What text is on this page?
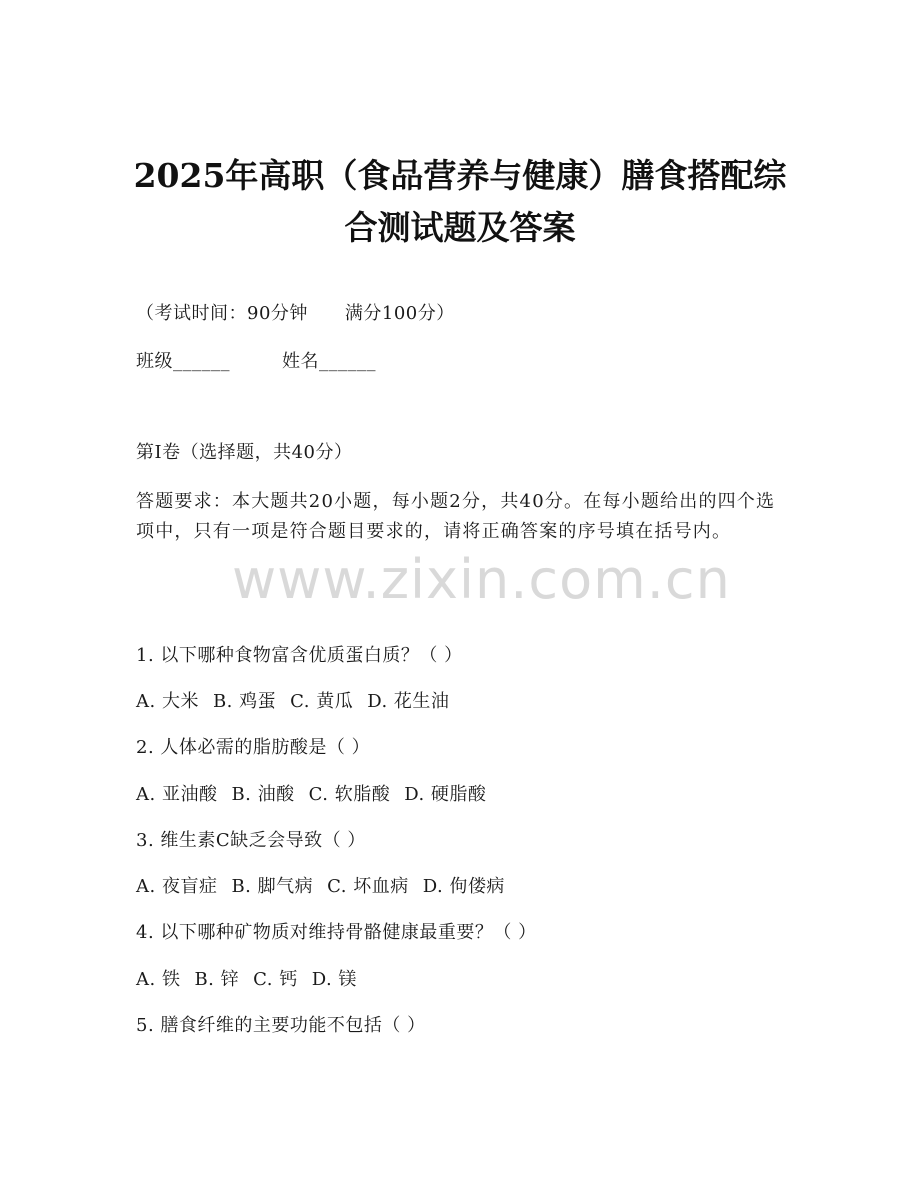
2025年高职（食品营养与健康）膳食搭配综
合测试题及答案
（考试时间：90分钟　　满分100分）
班级______	姓名______
第Ⅰ卷（选择题，共40分）
答题要求：本大题共20小题，每小题2分，共40分。在每小题给出的四个选项中，只有一项是符合题目要求的，请将正确答案的序号填在括号内。
www.zixin.com.cn
1. 以下哪种食物富含优质蛋白质？（ ）
A. 大米 B. 鸡蛋 C. 黄瓜 D. 花生油
2. 人体必需的脂肪酸是（ ）
A. 亚油酸 B. 油酸 C. 软脂酸 D. 硬脂酸
3. 维生素C缺乏会导致（ ）
A. 夜盲症 B. 脚气病 C. 坏血病 D. 佝偻病
4. 以下哪种矿物质对维持骨骼健康最重要？（ ）
A. 铁 B. 锌 C. 钙 D. 镁
5. 膳食纤维的主要功能不包括（ ）
